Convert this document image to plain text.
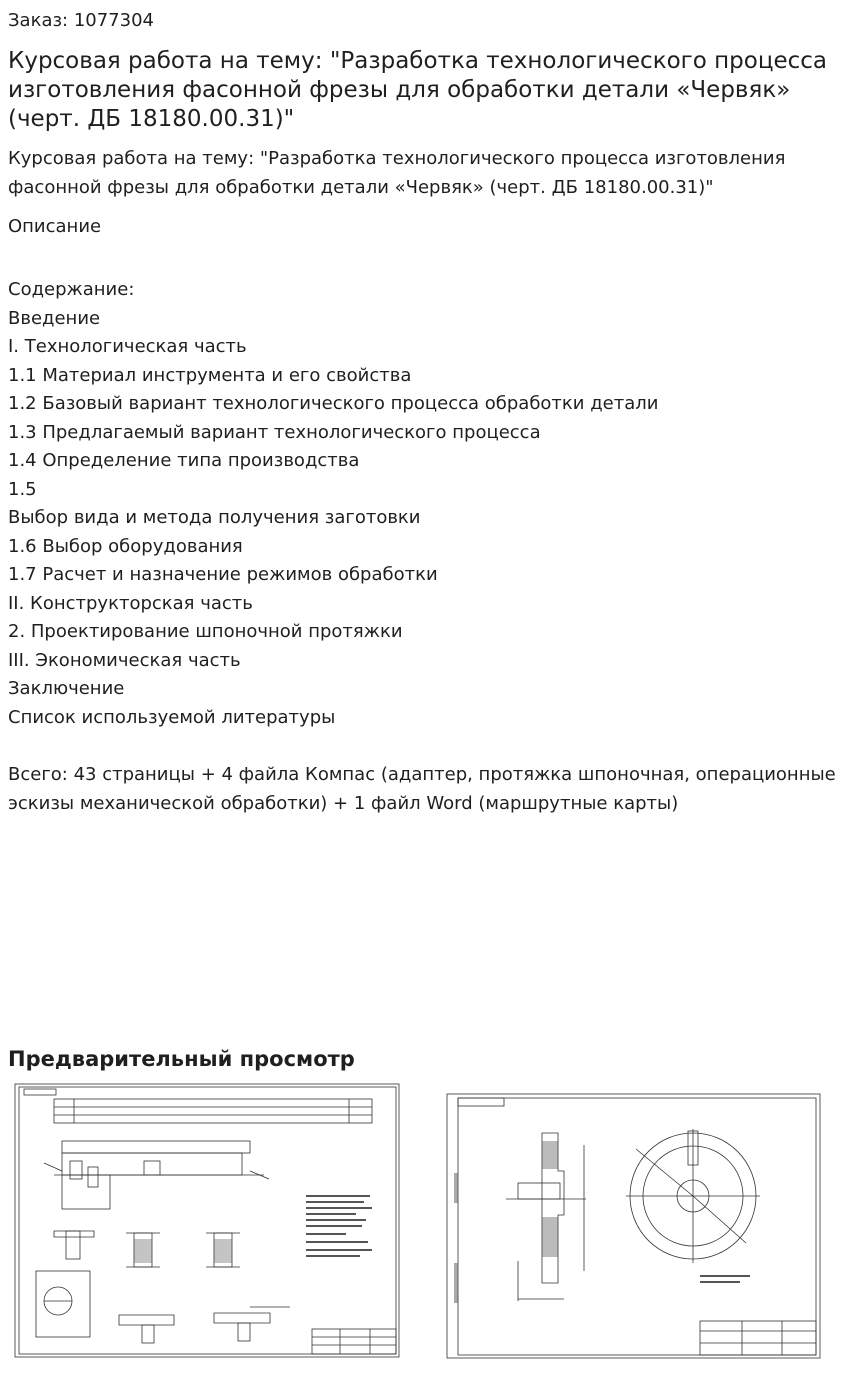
Заказ: 1077304
Курсовая работа на тему: "Разработка технологического процесса изготовления фасонной фрезы для обработки детали «Червяк» (черт. ДБ 18180.00.31)"
Курсовая работа на тему: "Разработка технологического процесса изготовления фасонной фрезы для обработки детали «Червяк» (черт. ДБ 18180.00.31)"
Описание
Содержание:
Введение
I. Технологическая часть
1.1 Материал инструмента и его свойства
1.2 Базовый вариант технологического процесса обработки детали
1.3 Предлагаемый вариант технологического процесса
1.4 Определение типа производства
1.5
Выбор вида и метода получения заготовки
1.6 Выбор оборудования
1.7 Расчет и назначение режимов обработки
II. Конструкторская часть
2. Проектирование шпоночной протяжки
III. Экономическая часть
Заключение
Список используемой литературы
Всего: 43 страницы + 4 файла Компас (адаптер, протяжка шпоночная, операционные эскизы механической обработки) + 1 файл Word (маршрутные карты)
Предварительный просмотр
